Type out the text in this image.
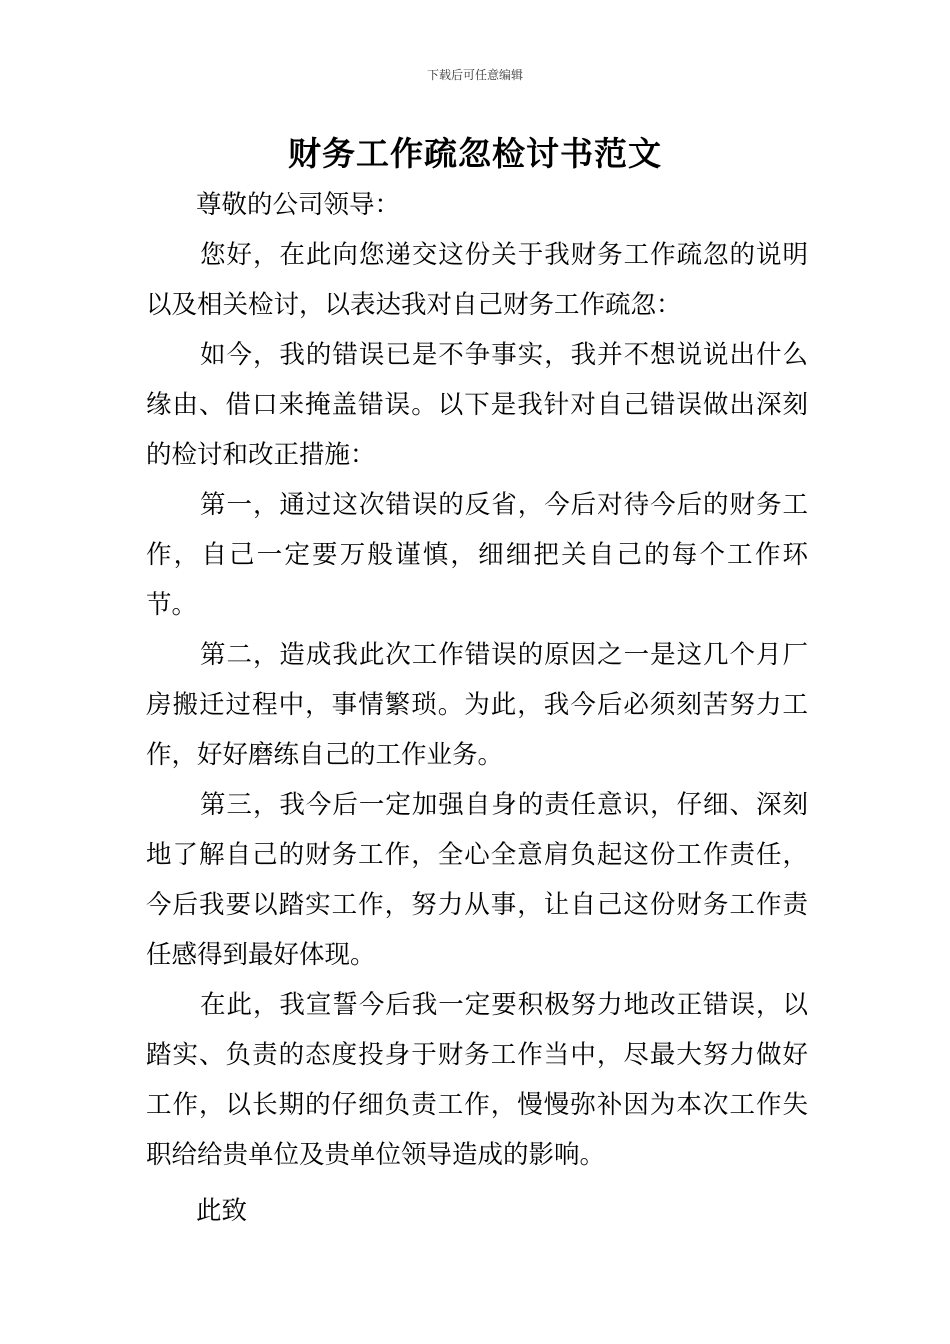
下载后可任意编辑
财务工作疏忽检讨书范文

尊敬的公司领导：

您好，在此向您递交这份关于我财务工作疏忽的说明以及相关检讨，以表达我对自己财务工作疏忽：

如今，我的错误已是不争事实，我并不想说说出什么缘由、借口来掩盖错误。以下是我针对自己错误做出深刻的检讨和改正措施：

第一，通过这次错误的反省，今后对待今后的财务工作，自己一定要万般谨慎，细细把关自己的每个工作环节。

第二，造成我此次工作错误的原因之一是这几个月厂房搬迁过程中，事情繁琐。为此，我今后必须刻苦努力工作，好好磨练自己的工作业务。

第三，我今后一定加强自身的责任意识，仔细、深刻地了解自己的财务工作，全心全意肩负起这份工作责任，今后我要以踏实工作，努力从事，让自己这份财务工作责任感得到最好体现。

在此，我宣誓今后我一定要积极努力地改正错误，以踏实、负责的态度投身于财务工作当中，尽最大努力做好工作，以长期的仔细负责工作，慢慢弥补因为本次工作失职给给贵单位及贵单位领导造成的影响。

此致
